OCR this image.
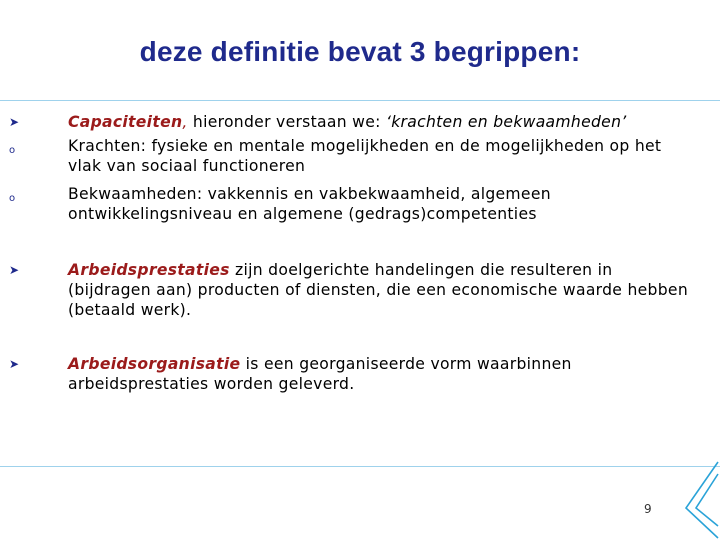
deze definitie bevat 3 begrippen:
➤	Capaciteiten, hieronder verstaan we: ‘krachten en bekwaamheden’
o	Krachten: fysieke en mentale mogelijkheden en de mogelijkheden op het vlak van sociaal functioneren
o	Bekwaamheden: vakkennis en vakbekwaamheid, algemeen ontwikkelingsniveau en algemene (gedrags)competenties
➤	Arbeidsprestaties zijn doelgerichte handelingen die resulteren in (bijdragen aan) producten of diensten, die een economische waarde hebben (betaald werk).
➤	Arbeidsorganisatie is een georganiseerde vorm waarbinnen arbeidsprestaties worden geleverd.
9
